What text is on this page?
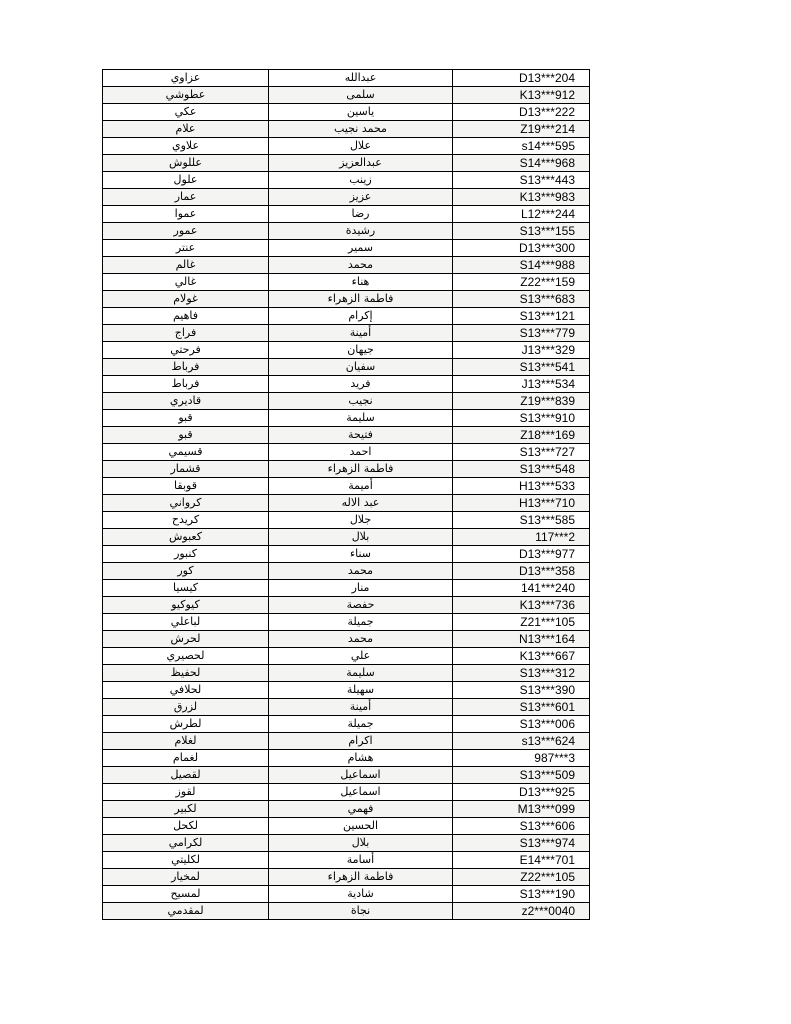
عزاوي	عبدالله	D13***204
عطوشي	سلمى	K13***912
عكي	ياسين	D13***222
علام	محمد نجيب	Z19***214
علاوي	علال	s14***595
عللوش	عبدالعزيز	S14***968
علول	زينب	S13***443
عمار	عزيز	K13***983
عموا	رضا	L12***244
عمور	رشيدة	S13***155
عنتر	سمير	D13***300
غالم	محمد	S14***988
غالي	هناء	Z22***159
غولام	فاطمة الزهراء	S13***683
فاهيم	إكرام	S13***121
فراج	أمينة	S13***779
فرحتي	جيهان	J13***329
فرباط	سفيان	S13***541
فرباط	فريد	J13***534
قاديري	نجيب	Z19***839
قبو	سليمة	S13***910
قبو	فتيحة	Z18***169
قسيمي	احمد	S13***727
قشمار	فاطمة الزهراء	S13***548
قوبقا	أميمة	H13***533
كرواني	عبد الاله	H13***710
كريدح	جلال	S13***585
كعبوش	بلال	117***2
كنبور	سناء	D13***977
كور	محمد	D13***358
كيسيا	منار	141***240
كيوكيو	حفصة	K13***736
لباعلي	جميلة	Z21***105
لحرش	محمد	N13***164
لحصيري	علي	K13***667
لحفيظ	سليمة	S13***312
لحلافي	سهيلة	S13***390
لزرق	أمينة	S13***601
لطرش	جميلة	S13***006
لغلام	اكرام	s13***624
لغمام	هشام	987***3
لقصيل	اسماعيل	S13***509
لقوز	اسماعيل	D13***925
لكبير	فهمي	M13***099
لكحل	الحسين	S13***606
لكرامي	بلال	S13***974
لكليتي	أسامة	E14***701
لمخيار	فاطمة الزهراء	Z22***105
لمسيح	شادية	S13***190
لمقدمي	نجاة	z2***0040
